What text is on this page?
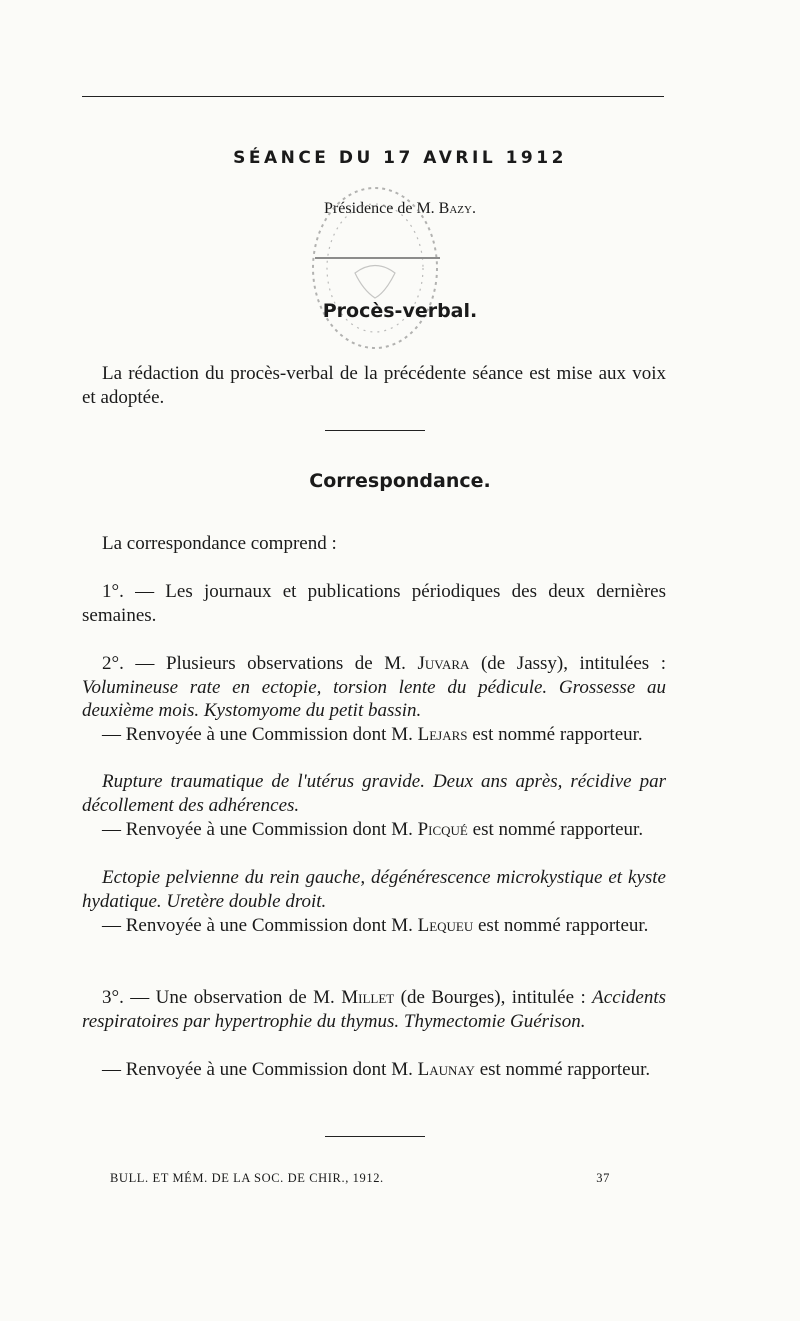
SÉANCE DU 17 AVRIL 1912
Présidence de M. Bazy.
Procès-verbal.
La rédaction du procès-verbal de la précédente séance est mise aux voix et adoptée.
Correspondance.
La correspondance comprend :
1°. — Les journaux et publications périodiques des deux dernières semaines.
2°. — Plusieurs observations de M. Juvara (de Jassy), intitulées : Volumineuse rate en ectopie, torsion lente du pédicule. Grossesse au deuxième mois. Kystomyome du petit bassin.
— Renvoyée à une Commission dont M. Lejars est nommé rapporteur.
Rupture traumatique de l'utérus gravide. Deux ans après, récidive par décollement des adhérences.
— Renvoyée à une Commission dont M. Picqué est nommé rapporteur.
Ectopie pelvienne du rein gauche, dégénérescence microkystique et kyste hydatique. Uretère double droit.
— Renvoyée à une Commission dont M. Lequeu est nommé rapporteur.
3°. — Une observation de M. Millet (de Bourges), intitulée : Accidents respiratoires par hypertrophie du thymus. Thymectomie Guérison.
— Renvoyée à une Commission dont M. Launay est nommé rapporteur.
BULL. ET MÉM. DE LA SOC. DE CHIR., 1912.	37
